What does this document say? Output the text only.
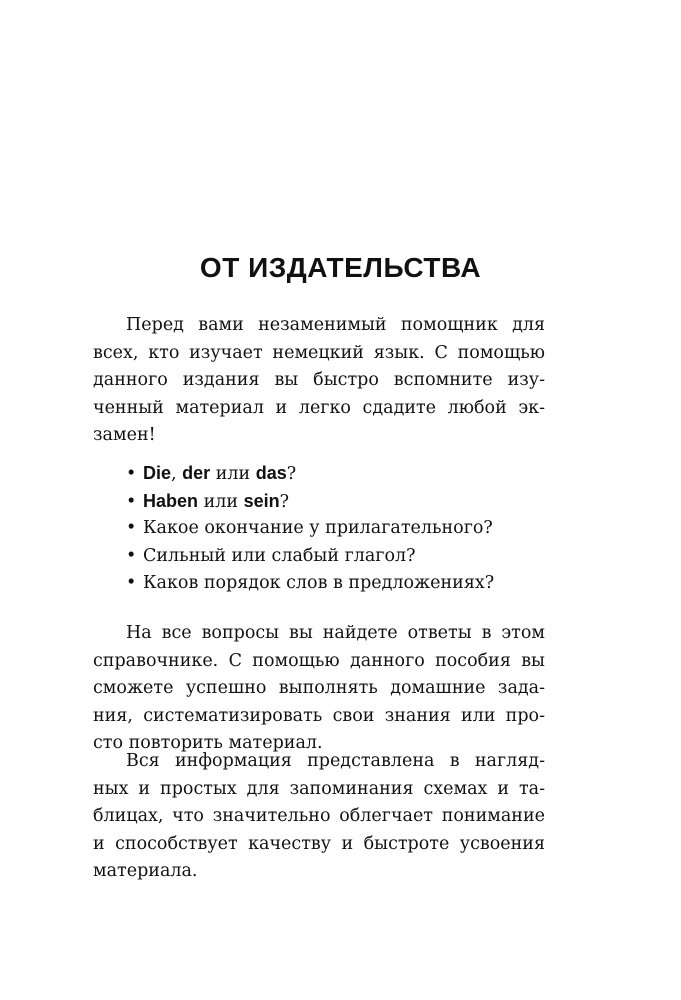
ОТ ИЗДАТЕЛЬСТВА

Перед вами незаменимый помощник для
всех, кто изучает немецкий язык. С помощью
данного издания вы быстро вспомните изу-
ченный материал и легко сдадите любой эк-
замен!

• Die, der или das?
• Haben или sein?
• Какое окончание у прилагательного?
• Сильный или слабый глагол?
• Каков порядок слов в предложениях?

На все вопросы вы найдете ответы в этом
справочнике. С помощью данного пособия вы
сможете успешно выполнять домашние зада-
ния, систематизировать свои знания или про-
сто повторить материал.

Вся информация представлена в нагляд-
ных и простых для запоминания схемах и та-
блицах, что значительно облегчает понимание
и способствует качеству и быстроте усвоения
материала.
